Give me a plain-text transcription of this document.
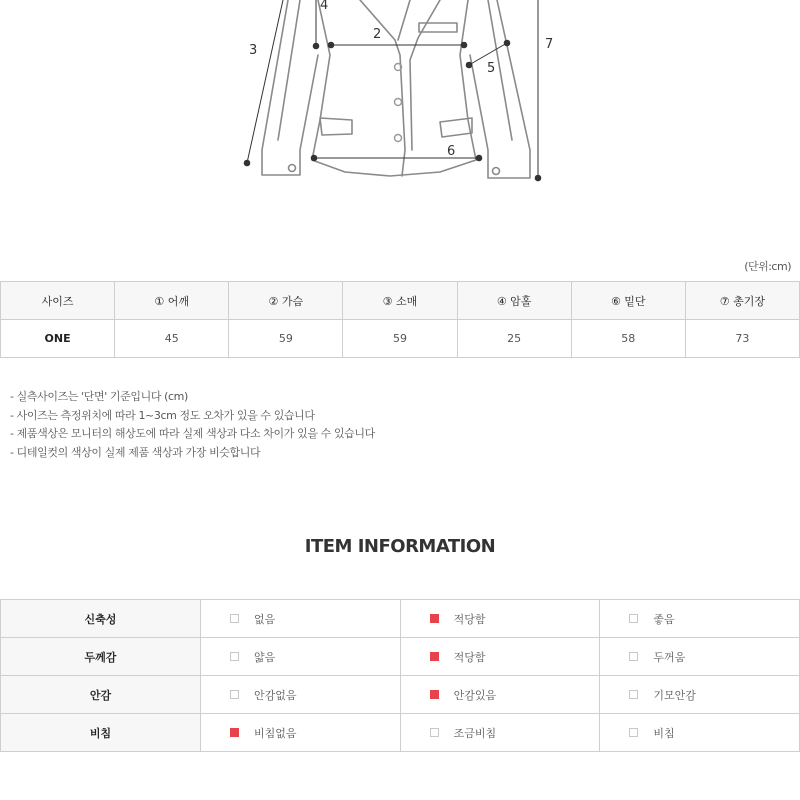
2
3
4
5
6
7
(단위:cm)
사이즈	① 어깨	② 가슴	③ 소매	④ 암홀	⑥ 밑단	⑦ 총기장
ONE	45	59	59	25	58	73
- 실측사이즈는 '단면' 기준입니다 (cm)
- 사이즈는 측정위치에 따라 1~3cm 정도 오차가 있을 수 있습니다
- 제품색상은 모니터의 해상도에 따라 실제 색상과 다소 차이가 있을 수 있습니다
- 디테일컷의 색상이 실제 제품 색상과 가장 비슷합니다
ITEM INFORMATION
신축성	없음	적당함	좋음
두께감	얇음	적당함	두꺼움
안감	안감없음	안감있음	기모안감
비침	비침없음	조금비침	비침
